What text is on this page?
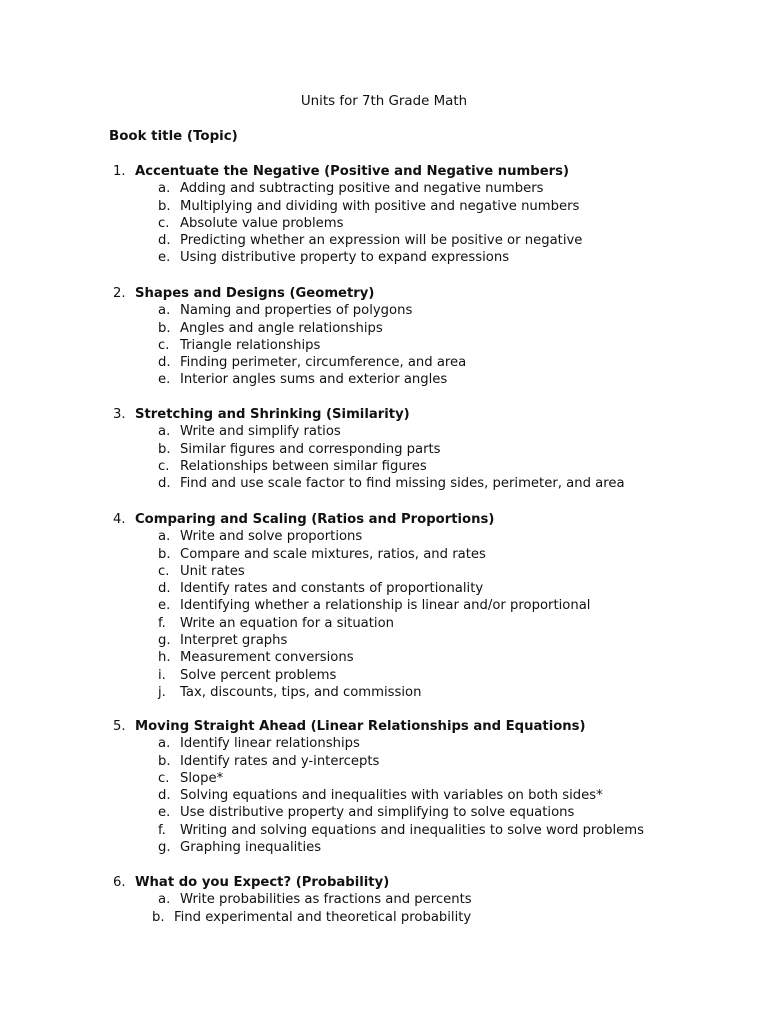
Units for 7th Grade Math
Book title (Topic)
1. Accentuate the Negative (Positive and Negative numbers)
a. Adding and subtracting positive and negative numbers
b. Multiplying and dividing with positive and negative numbers
c. Absolute value problems
d. Predicting whether an expression will be positive or negative
e. Using distributive property to expand expressions
2. Shapes and Designs (Geometry)
a. Naming and properties of polygons
b. Angles and angle relationships
c. Triangle relationships
d. Finding perimeter, circumference, and area
e. Interior angles sums and exterior angles
3. Stretching and Shrinking (Similarity)
a. Write and simplify ratios
b. Similar figures and corresponding parts
c. Relationships between similar figures
d. Find and use scale factor to find missing sides, perimeter, and area
4. Comparing and Scaling (Ratios and Proportions)
a. Write and solve proportions
b. Compare and scale mixtures, ratios, and rates
c. Unit rates
d. Identify rates and constants of proportionality
e. Identifying whether a relationship is linear and/or proportional
f. Write an equation for a situation
g. Interpret graphs
h. Measurement conversions
i. Solve percent problems
j. Tax, discounts, tips, and commission
5. Moving Straight Ahead (Linear Relationships and Equations)
a. Identify linear relationships
b. Identify rates and y-intercepts
c. Slope*
d. Solving equations and inequalities with variables on both sides*
e. Use distributive property and simplifying to solve equations
f. Writing and solving equations and inequalities to solve word problems
g. Graphing inequalities
6. What do you Expect? (Probability)
a. Write probabilities as fractions and percents
b. Find experimental and theoretical probability
